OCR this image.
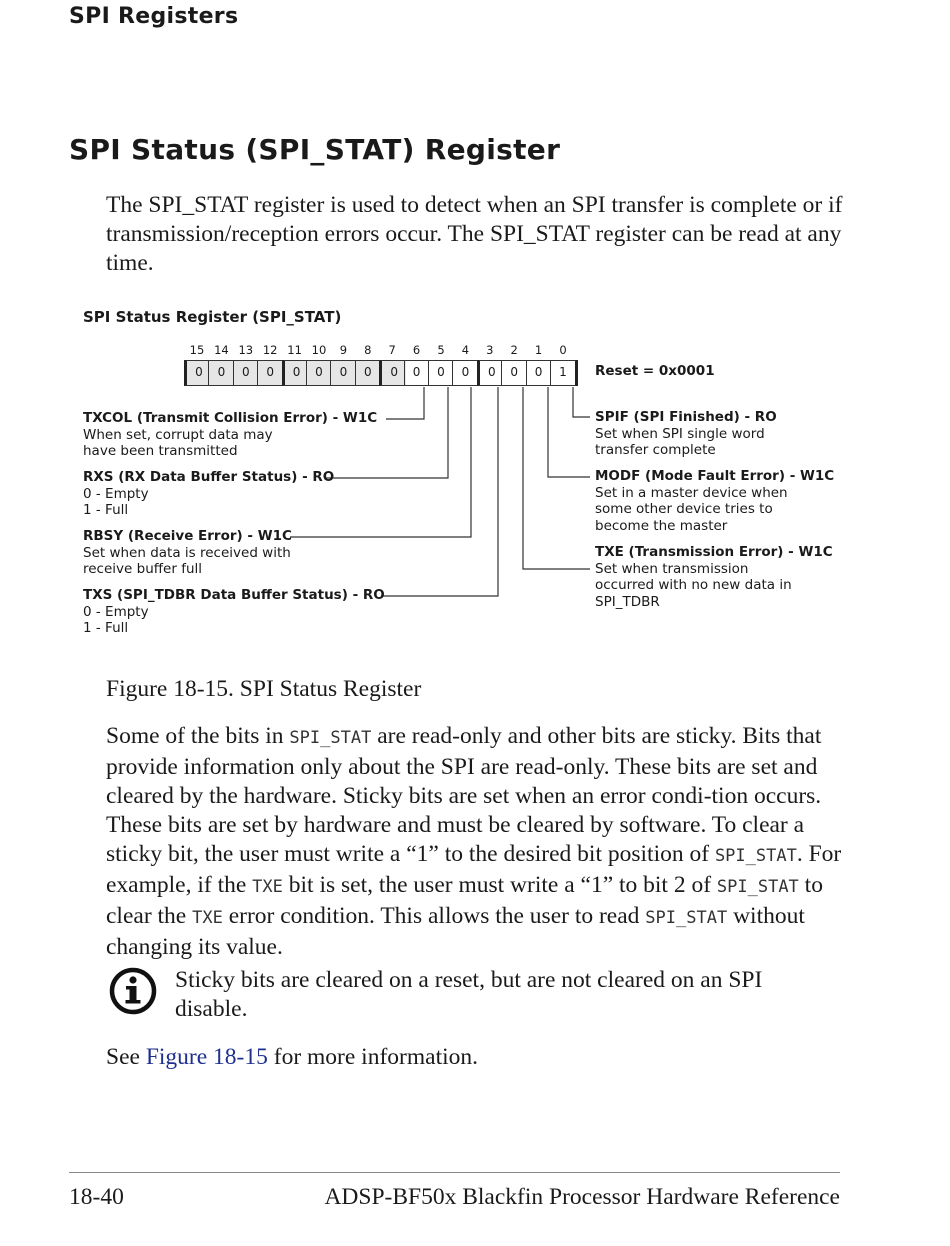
SPI Registers
SPI Status (SPI_STAT) Register
The SPI_STAT register is used to detect when an SPI transfer is complete or if transmission/reception errors occur. The SPI_STAT register can be read at any time.
SPI Status Register (SPI_STAT)
15 14 13 12 11 10	9	8	7	6	5	4	3	2	1	0
0	0	0	0	0	0	0	0	0	0	0	0	0	0	0	1	Reset = 0x0001
TXCOL (Transmit Collision Error) - W1C
When set, corrupt data may
have been transmitted
RXS (RX Data Buffer Status) - RO
0 - Empty
1 - Full
RBSY (Receive Error) - W1C
Set when data is received with
receive buffer full
TXS (SPI_TDBR Data Buffer Status) - RO
0 - Empty
1 - Full
SPIF (SPI Finished) - RO
Set when SPI single word
transfer complete
MODF (Mode Fault Error) - W1C
Set in a master device when
some other device tries to
become the master
TXE (Transmission Error) - W1C
Set when transmission
occurred with no new data in
SPI_TDBR
Figure 18-15. SPI Status Register
Some of the bits in SPI_STAT are read-only and other bits are sticky. Bits that provide information only about the SPI are read-only. These bits are set and cleared by the hardware. Sticky bits are set when an error condi-tion occurs. These bits are set by hardware and must be cleared by software. To clear a sticky bit, the user must write a “1” to the desired bit position of SPI_STAT. For example, if the TXE bit is set, the user must write a “1” to bit 2 of SPI_STAT to clear the TXE error condition. This allows the user to read SPI_STAT without changing its value.
Sticky bits are cleared on a reset, but are not cleared on an SPI disable.
See Figure 18-15 for more information.
18-40	ADSP-BF50x Blackfin Processor Hardware Reference
